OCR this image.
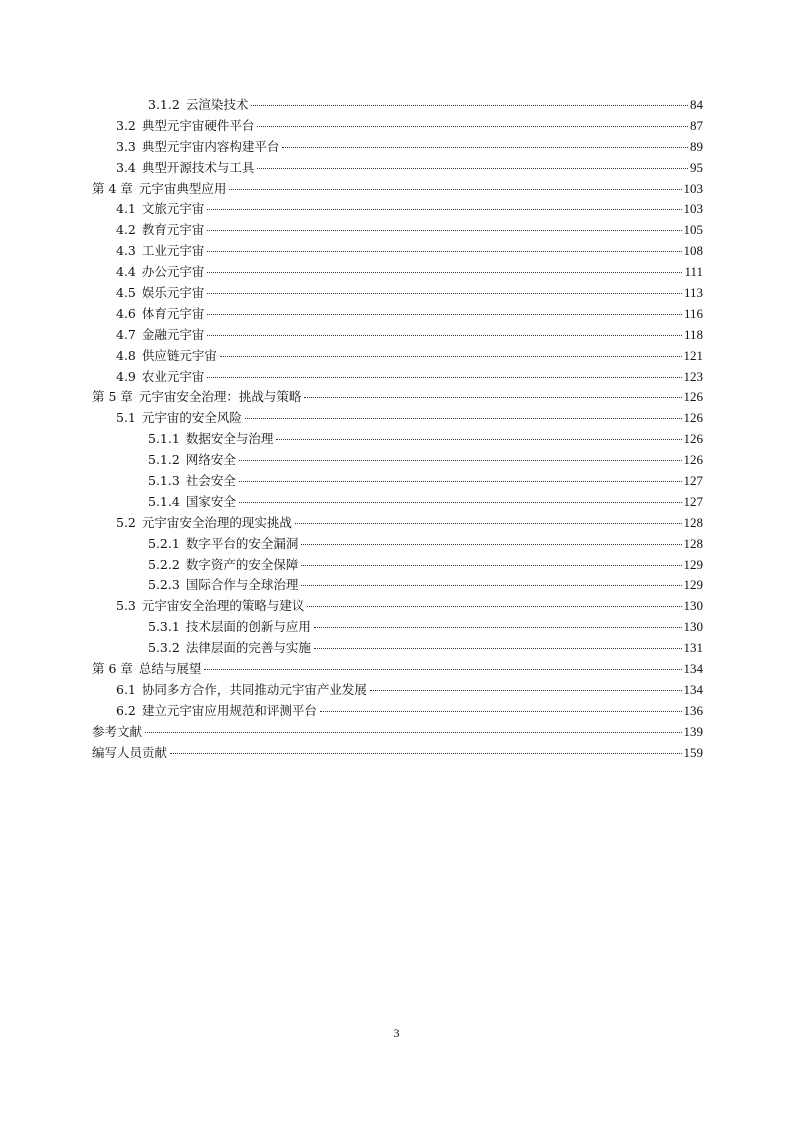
3.1.2 云渲染技术	84
3.2 典型元宇宙硬件平台	87
3.3 典型元宇宙内容构建平台	89
3.4 典型开源技术与工具	95
第 4 章 元宇宙典型应用	103
4.1 文旅元宇宙	103
4.2 教育元宇宙	105
4.3 工业元宇宙	108
4.4 办公元宇宙	111
4.5 娱乐元宇宙	113
4.6 体育元宇宙	116
4.7 金融元宇宙	118
4.8 供应链元宇宙	121
4.9 农业元宇宙	123
第 5 章 元宇宙安全治理：挑战与策略	126
5.1 元宇宙的安全风险	126
5.1.1 数据安全与治理	126
5.1.2 网络安全	126
5.1.3 社会安全	127
5.1.4 国家安全	127
5.2 元宇宙安全治理的现实挑战	128
5.2.1 数字平台的安全漏洞	128
5.2.2 数字资产的安全保障	129
5.2.3 国际合作与全球治理	129
5.3 元宇宙安全治理的策略与建议	130
5.3.1 技术层面的创新与应用	130
5.3.2 法律层面的完善与实施	131
第 6 章 总结与展望	134
6.1 协同多方合作，共同推动元宇宙产业发展	134
6.2 建立元宇宙应用规范和评测平台	136
参考文献	139
编写人员贡献	159
3
